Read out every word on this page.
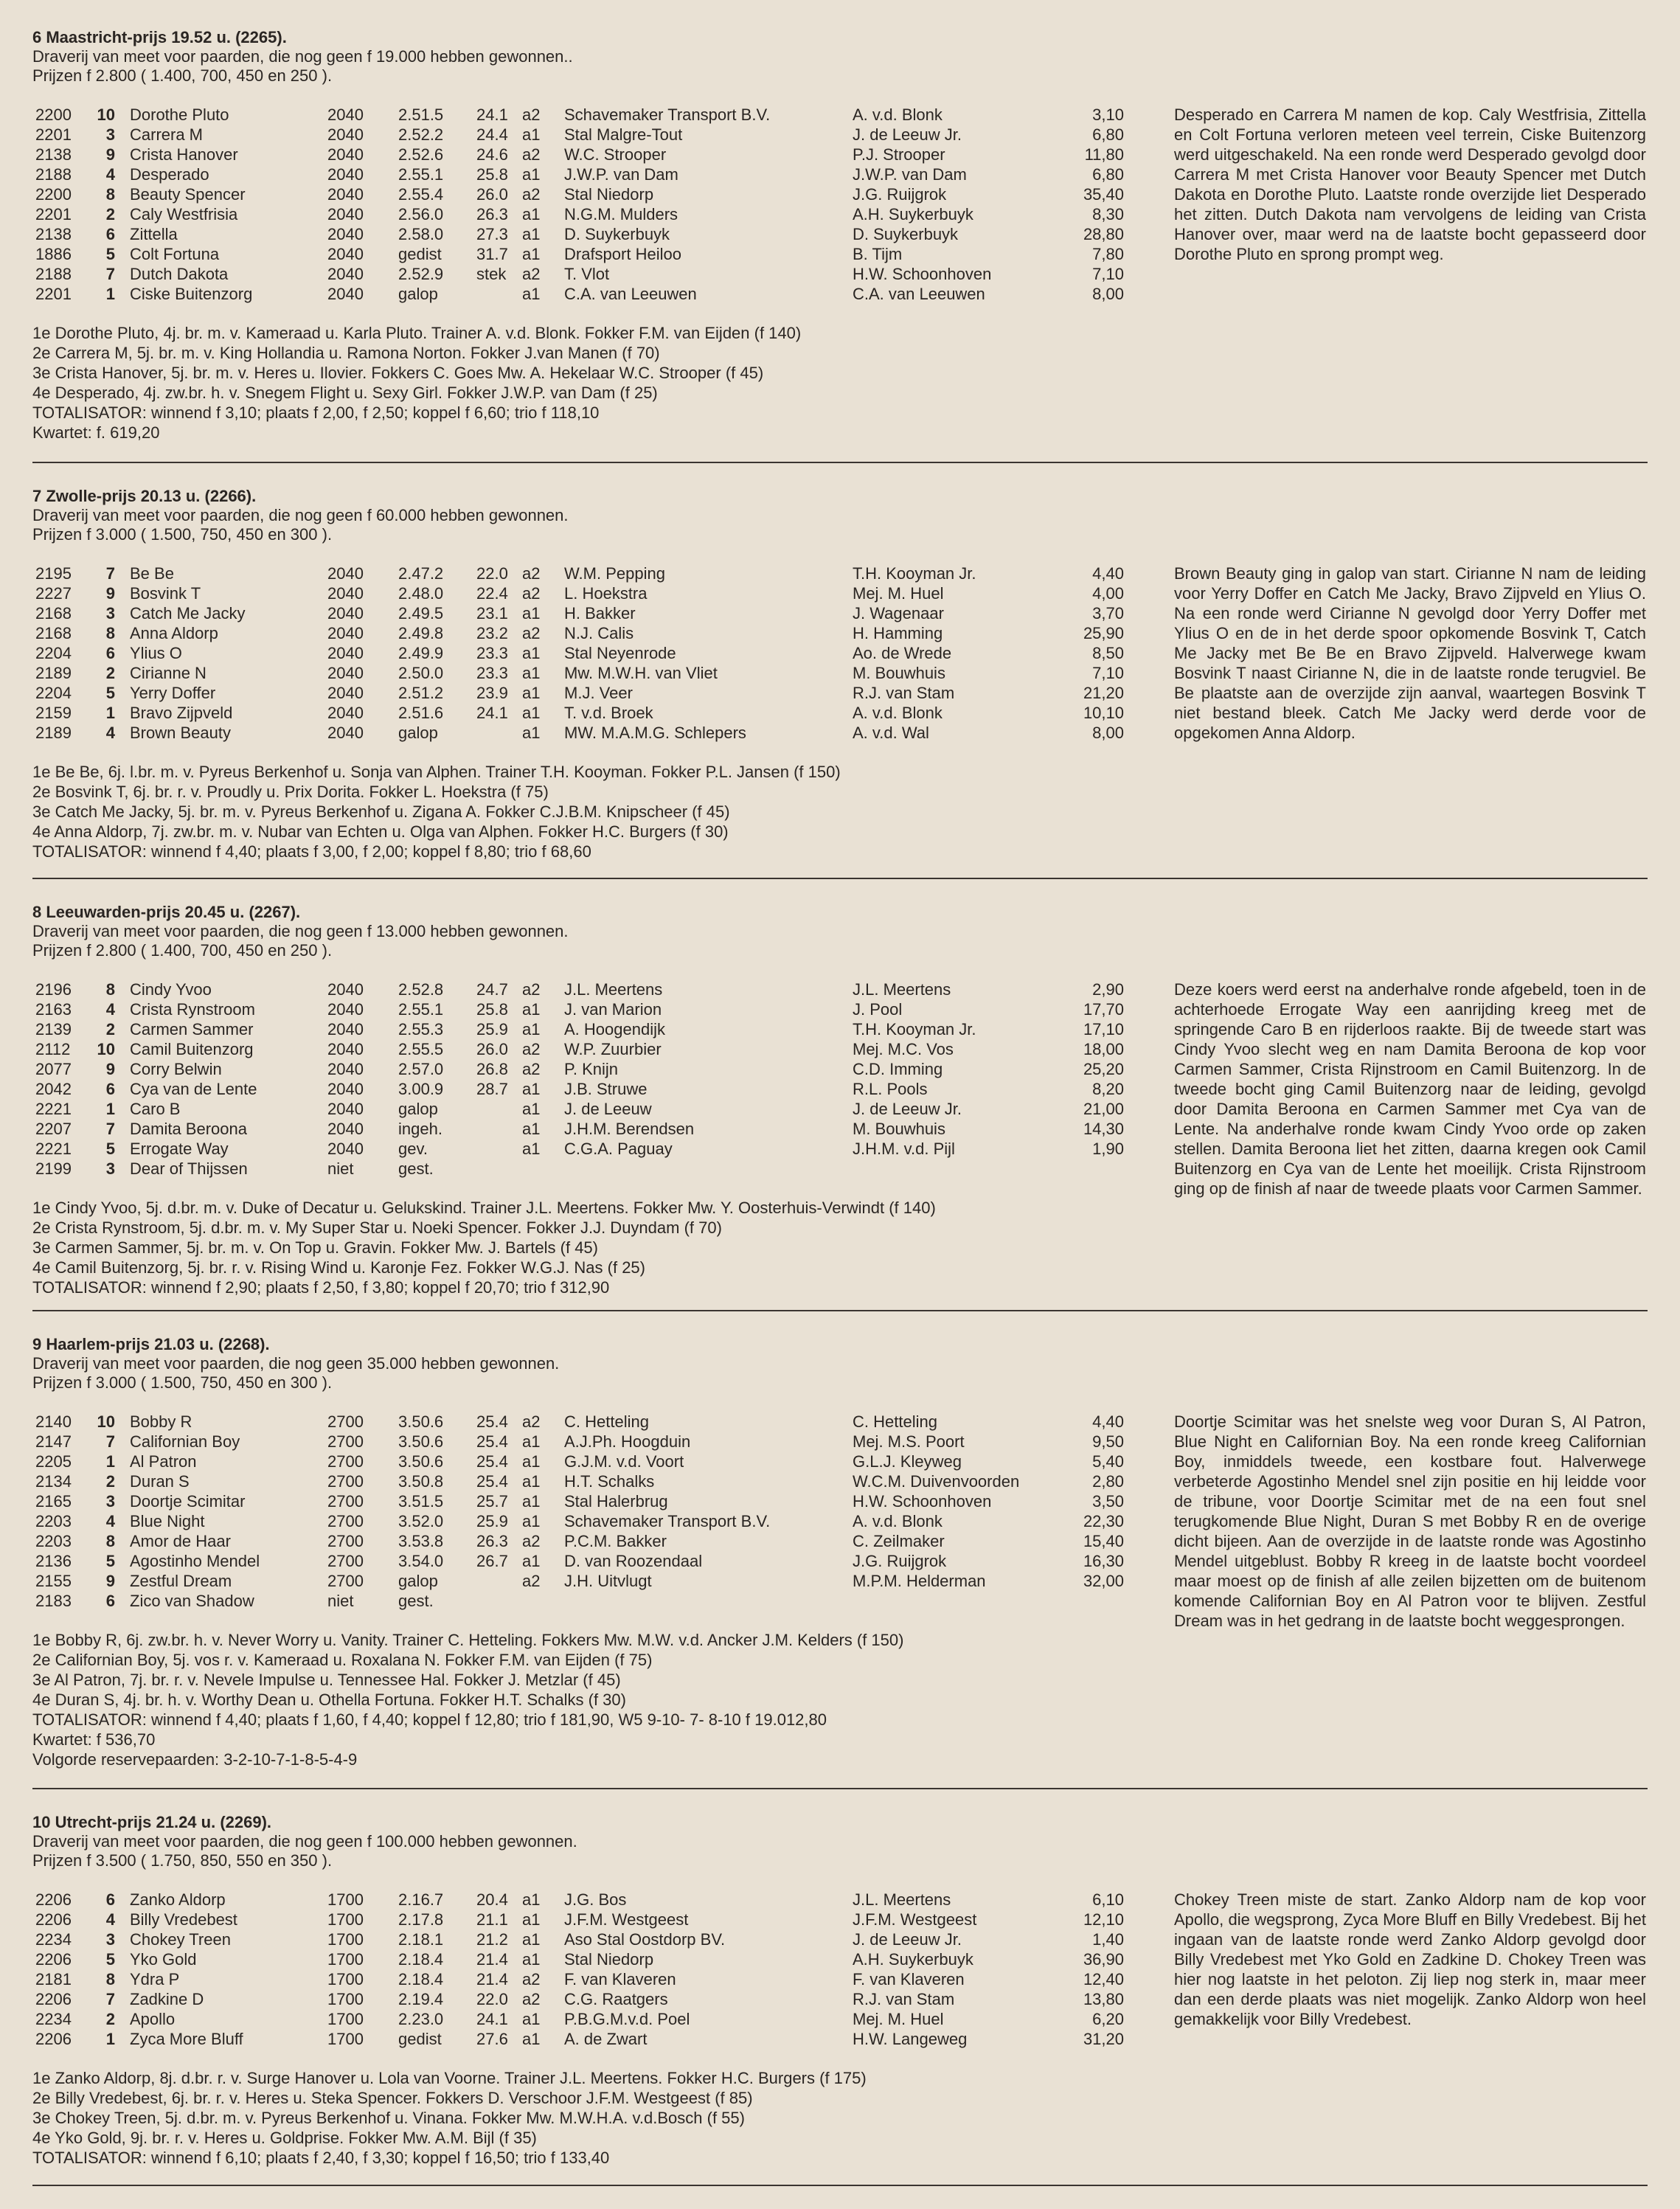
6 Maastricht-prijs 19.52 u. (2265).
Draverij van meet voor paarden, die nog geen f 19.000 hebben gewonnen..
Prijzen f 2.800 ( 1.400, 700, 450 en 250 ).
2200 10 Dorothe Pluto	2040 2.51.5 24.1 a2 Schavemaker Transport B.V.	A. v.d. Blonk	3,10
2201	3 Carrera M	2040 2.52.2 24.4 a1 Stal Malgre-Tout	J. de Leeuw Jr.	6,80
2138	9 Crista Hanover	2040 2.52.6 24.6 a2 W.C. Strooper	P.J. Strooper	11,80
2188	4 Desperado	2040 2.55.1 25.8 a1 J.W.P. van Dam	J.W.P. van Dam	6,80
2200	8 Beauty Spencer	2040 2.55.4 26.0 a2 Stal Niedorp	J.G. Ruijgrok	35,40
2201	2 Caly Westfrisia	2040 2.56.0 26.3 a1 N.G.M. Mulders	A.H. Suykerbuyk	8,30
2138	6 Zittella	2040 2.58.0 27.3 a1 D. Suykerbuyk	D. Suykerbuyk	28,80
1886	5 Colt Fortuna	2040 gedist 31.7 a1 Drafsport Heiloo	B. Tijm	7,80
2188	7 Dutch Dakota	2040 2.52.9 stek a2 T. Vlot	H.W. Schoonhoven	7,10
2201	1 Ciske Buitenzorg	2040 galop	a1 C.A. van Leeuwen	C.A. van Leeuwen	8,00
Desperado en Carrera M namen de kop. Caly Westfrisia, Zittella en Colt Fortuna verloren meteen veel terrein, Ciske Buitenzorg werd uitgeschakeld. Na een ronde werd Desperado gevolgd door Carrera M met Crista Hanover voor Beauty Spencer met Dutch Dakota en Dorothe Pluto. Laatste ronde overzijde liet Desperado het zitten. Dutch Dakota nam vervolgens de leiding van Crista Hanover over, maar werd na de laatste bocht gepasseerd door Dorothe Pluto en sprong prompt weg.
1e Dorothe Pluto, 4j. br. m. v. Kameraad u. Karla Pluto. Trainer A. v.d. Blonk. Fokker F.M. van Eijden (f 140)
2e Carrera M, 5j. br. m. v. King Hollandia u. Ramona Norton. Fokker J.van Manen (f 70)
3e Crista Hanover, 5j. br. m. v. Heres u. Ilovier. Fokkers C. Goes Mw. A. Hekelaar W.C. Strooper (f 45)
4e Desperado, 4j. zw.br. h. v. Snegem Flight u. Sexy Girl. Fokker J.W.P. van Dam (f 25)
TOTALISATOR: winnend f 3,10; plaats f 2,00, f 2,50; koppel f 6,60; trio f 118,10
Kwartet: f. 619,20
7 Zwolle-prijs 20.13 u. (2266).
Draverij van meet voor paarden, die nog geen f 60.000 hebben gewonnen.
Prijzen f 3.000 ( 1.500, 750, 450 en 300 ).
2195	7 Be Be	2040 2.47.2 22.0 a2 W.M. Pepping	T.H. Kooyman Jr.	4,40
2227	9 Bosvink T	2040 2.48.0 22.4 a2 L. Hoekstra	Mej. M. Huel	4,00
2168	3 Catch Me Jacky	2040 2.49.5 23.1 a1 H. Bakker	J. Wagenaar	3,70
2168	8 Anna Aldorp	2040 2.49.8 23.2 a2 N.J. Calis	H. Hamming	25,90
2204	6 Ylius O	2040 2.49.9 23.3 a1 Stal Neyenrode	Ao. de Wrede	8,50
2189	2 Cirianne N	2040 2.50.0 23.3 a1 Mw. M.W.H. van Vliet	M. Bouwhuis	7,10
2204	5 Yerry Doffer	2040 2.51.2 23.9 a1 M.J. Veer	R.J. van Stam	21,20
2159	1 Bravo Zijpveld	2040 2.51.6 24.1 a1 T. v.d. Broek	A. v.d. Blonk	10,10
2189	4 Brown Beauty	2040 galop	a1 MW. M.A.M.G. Schlepers	A. v.d. Wal	8,00
Brown Beauty ging in galop van start. Cirianne N nam de leiding voor Yerry Doffer en Catch Me Jacky, Bravo Zijpveld en Ylius O. Na een ronde werd Cirianne N gevolgd door Yerry Doffer met Ylius O en de in het derde spoor opkomende Bosvink T, Catch Me Jacky met Be Be en Bravo Zijpveld. Halverwege kwam Bosvink T naast Cirianne N, die in de laatste ronde terugviel. Be Be plaatste aan de overzijde zijn aanval, waartegen Bosvink T niet bestand bleek. Catch Me Jacky werd derde voor de opgekomen Anna Aldorp.
1e Be Be, 6j. l.br. m. v. Pyreus Berkenhof u. Sonja van Alphen. Trainer T.H. Kooyman. Fokker P.L. Jansen (f 150)
2e Bosvink T, 6j. br. r. v. Proudly u. Prix Dorita. Fokker L. Hoekstra (f 75)
3e Catch Me Jacky, 5j. br. m. v. Pyreus Berkenhof u. Zigana A. Fokker C.J.B.M. Knipscheer (f 45)
4e Anna Aldorp, 7j. zw.br. m. v. Nubar van Echten u. Olga van Alphen. Fokker H.C. Burgers (f 30)
TOTALISATOR: winnend f 4,40; plaats f 3,00, f 2,00; koppel f 8,80; trio f 68,60
8 Leeuwarden-prijs 20.45 u. (2267).
Draverij van meet voor paarden, die nog geen f 13.000 hebben gewonnen.
Prijzen f 2.800 ( 1.400, 700, 450 en 250 ).
2196	8 Cindy Yvoo	2040 2.52.8 24.7 a2 J.L. Meertens	J.L. Meertens	2,90
2163	4 Crista Rynstroom	2040 2.55.1 25.8 a1 J. van Marion	J. Pool	17,70
2139	2 Carmen Sammer	2040 2.55.3 25.9 a1 A. Hoogendijk	T.H. Kooyman Jr.	17,10
2112 10 Camil Buitenzorg	2040 2.55.5 26.0 a2 W.P. Zuurbier	Mej. M.C. Vos	18,00
2077	9 Corry Belwin	2040 2.57.0 26.8 a2 P. Knijn	C.D. Imming	25,20
2042	6 Cya van de Lente	2040 3.00.9 28.7 a1 J.B. Struwe	R.L. Pools	8,20
2221	1 Caro B	2040 galop	a1 J. de Leeuw	J. de Leeuw Jr.	21,00
2207	7 Damita Beroona	2040 ingeh.	a1 J.H.M. Berendsen	M. Bouwhuis	14,30
2221	5 Errogate Way	2040 gev.	a1 C.G.A. Paguay	J.H.M. v.d. Pijl	1,90
2199	3 Dear of Thijssen	niet	gest.
Deze koers werd eerst na anderhalve ronde afgebeld, toen in de achterhoede Errogate Way een aanrijding kreeg met de springende Caro B en rijderloos raakte. Bij de tweede start was Cindy Yvoo slecht weg en nam Damita Beroona de kop voor Carmen Sammer, Crista Rijnstroom en Camil Buitenzorg. In de tweede bocht ging Camil Buitenzorg naar de leiding, gevolgd door Damita Beroona en Carmen Sammer met Cya van de Lente. Na anderhalve ronde kwam Cindy Yvoo orde op zaken stellen. Damita Beroona liet het zitten, daarna kregen ook Camil Buitenzorg en Cya van de Lente het moeilijk. Crista Rijnstroom ging op de finish af naar de tweede plaats voor Carmen Sammer.
1e Cindy Yvoo, 5j. d.br. m. v. Duke of Decatur u. Gelukskind. Trainer J.L. Meertens. Fokker Mw. Y. Oosterhuis-Verwindt (f 140)
2e Crista Rynstroom, 5j. d.br. m. v. My Super Star u. Noeki Spencer. Fokker J.J. Duyndam (f 70)
3e Carmen Sammer, 5j. br. m. v. On Top u. Gravin. Fokker Mw. J. Bartels (f 45)
4e Camil Buitenzorg, 5j. br. r. v. Rising Wind u. Karonje Fez. Fokker W.G.J. Nas (f 25)
TOTALISATOR: winnend f 2,90; plaats f 2,50, f 3,80; koppel f 20,70; trio f 312,90
9 Haarlem-prijs 21.03 u. (2268).
Draverij van meet voor paarden, die nog geen 35.000 hebben gewonnen.
Prijzen f 3.000 ( 1.500, 750, 450 en 300 ).
2140 10 Bobby R	2700 3.50.6 25.4 a2 C. Hetteling	C. Hetteling	4,40
2147	7 Californian Boy	2700 3.50.6 25.4 a1 A.J.Ph. Hoogduin	Mej. M.S. Poort	9,50
2205	1 Al Patron	2700 3.50.6 25.4 a1 G.J.M. v.d. Voort	G.L.J. Kleyweg	5,40
2134	2 Duran S	2700 3.50.8 25.4 a1 H.T. Schalks	W.C.M. Duivenvoorden	2,80
2165	3 Doortje Scimitar	2700 3.51.5 25.7 a1 Stal Halerbrug	H.W. Schoonhoven	3,50
2203	4 Blue Night	2700 3.52.0 25.9 a1 Schavemaker Transport B.V.	A. v.d. Blonk	22,30
2203	8 Amor de Haar	2700 3.53.8 26.3 a2 P.C.M. Bakker	C. Zeilmaker	15,40
2136	5 Agostinho Mendel	2700 3.54.0 26.7 a1 D. van Roozendaal	J.G. Ruijgrok	16,30
2155	9 Zestful Dream	2700 galop	a2 J.H. Uitvlugt	M.P.M. Helderman	32,00
2183	6 Zico van Shadow	niet	gest.
Doortje Scimitar was het snelste weg voor Duran S, Al Patron, Blue Night en Californian Boy. Na een ronde kreeg Californian Boy, inmiddels tweede, een kostbare fout. Halverwege verbeterde Agostinho Mendel snel zijn positie en hij leidde voor de tribune, voor Doortje Scimitar met de na een fout snel terugkomende Blue Night, Duran S met Bobby R en de overige dicht bijeen. Aan de overzijde in de laatste ronde was Agostinho Mendel uitgeblust. Bobby R kreeg in de laatste bocht voordeel maar moest op de finish af alle zeilen bijzetten om de buitenom komende Californian Boy en Al Patron voor te blijven. Zestful Dream was in het gedrang in de laatste bocht weggesprongen.
1e Bobby R, 6j. zw.br. h. v. Never Worry u. Vanity. Trainer C. Hetteling. Fokkers Mw. M.W. v.d. Ancker J.M. Kelders (f 150)
2e Californian Boy, 5j. vos r. v. Kameraad u. Roxalana N. Fokker F.M. van Eijden (f 75)
3e Al Patron, 7j. br. r. v. Nevele Impulse u. Tennessee Hal. Fokker J. Metzlar (f 45)
4e Duran S, 4j. br. h. v. Worthy Dean u. Othella Fortuna. Fokker H.T. Schalks (f 30)
TOTALISATOR: winnend f 4,40; plaats f 1,60, f 4,40; koppel f 12,80; trio f 181,90, W5 9-10- 7- 8-10 f 19.012,80
Kwartet: f 536,70
Volgorde reservepaarden: 3-2-10-7-1-8-5-4-9
10 Utrecht-prijs 21.24 u. (2269).
Draverij van meet voor paarden, die nog geen f 100.000 hebben gewonnen.
Prijzen f 3.500 ( 1.750, 850, 550 en 350 ).
2206	6 Zanko Aldorp	1700 2.16.7 20.4 a1 J.G. Bos	J.L. Meertens	6,10
2206	4 Billy Vredebest	1700 2.17.8 21.1 a1 J.F.M. Westgeest	J.F.M. Westgeest	12,10
2234	3 Chokey Treen	1700 2.18.1 21.2 a1 Aso Stal Oostdorp BV.	J. de Leeuw Jr.	1,40
2206	5 Yko Gold	1700 2.18.4 21.4 a1 Stal Niedorp	A.H. Suykerbuyk	36,90
2181	8 Ydra P	1700 2.18.4 21.4 a2 F. van Klaveren	F. van Klaveren	12,40
2206	7 Zadkine D	1700 2.19.4 22.0 a2 C.G. Raatgers	R.J. van Stam	13,80
2234	2 Apollo	1700 2.23.0 24.1 a1 P.B.G.M.v.d. Poel	Mej. M. Huel	6,20
2206	1 Zyca More Bluff	1700 gedist 27.6 a1 A. de Zwart	H.W. Langeweg	31,20
Chokey Treen miste de start. Zanko Aldorp nam de kop voor Apollo, die wegsprong, Zyca More Bluff en Billy Vredebest. Bij het ingaan van de laatste ronde werd Zanko Aldorp gevolgd door Billy Vredebest met Yko Gold en Zadkine D. Chokey Treen was hier nog laatste in het peloton. Zij liep nog sterk in, maar meer dan een derde plaats was niet mogelijk. Zanko Aldorp won heel gemakkelijk voor Billy Vredebest.
1e Zanko Aldorp, 8j. d.br. r. v. Surge Hanover u. Lola van Voorne. Trainer J.L. Meertens. Fokker H.C. Burgers (f 175)
2e Billy Vredebest, 6j. br. r. v. Heres u. Steka Spencer. Fokkers D. Verschoor J.F.M. Westgeest (f 85)
3e Chokey Treen, 5j. d.br. m. v. Pyreus Berkenhof u. Vinana. Fokker Mw. M.W.H.A. v.d.Bosch (f 55)
4e Yko Gold, 9j. br. r. v. Heres u. Goldprise. Fokker Mw. A.M. Bijl (f 35)
TOTALISATOR: winnend f 6,10; plaats f 2,40, f 3,30; koppel f 16,50; trio f 133,40
